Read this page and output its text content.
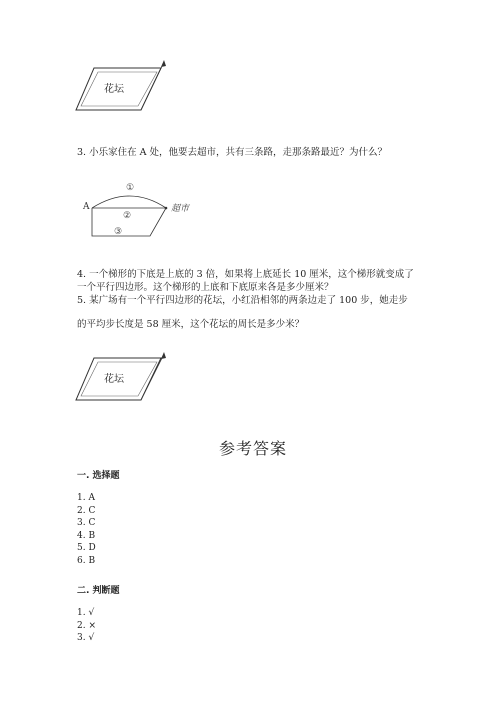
花坛
3. 小乐家住在 A 处，他要去超市，共有三条路，走那条路最近？为什么？
A
①
②
③
超市
4. 一个梯形的下底是上底的 3 倍，如果将上底延长 10 厘米，这个梯形就变成了
一个平行四边形。这个梯形的上底和下底原来各是多少厘米？
5. 某广场有一个平行四边形的花坛，小红沿相邻的两条边走了 100 步，她走步
的平均步长度是 58 厘米，这个花坛的周长是多少米？
花坛
参考答案
一. 选择题
1. A
2. C
3. C
4. B
5. D
6. B
二. 判断题
1. √
2. ×
3. √
